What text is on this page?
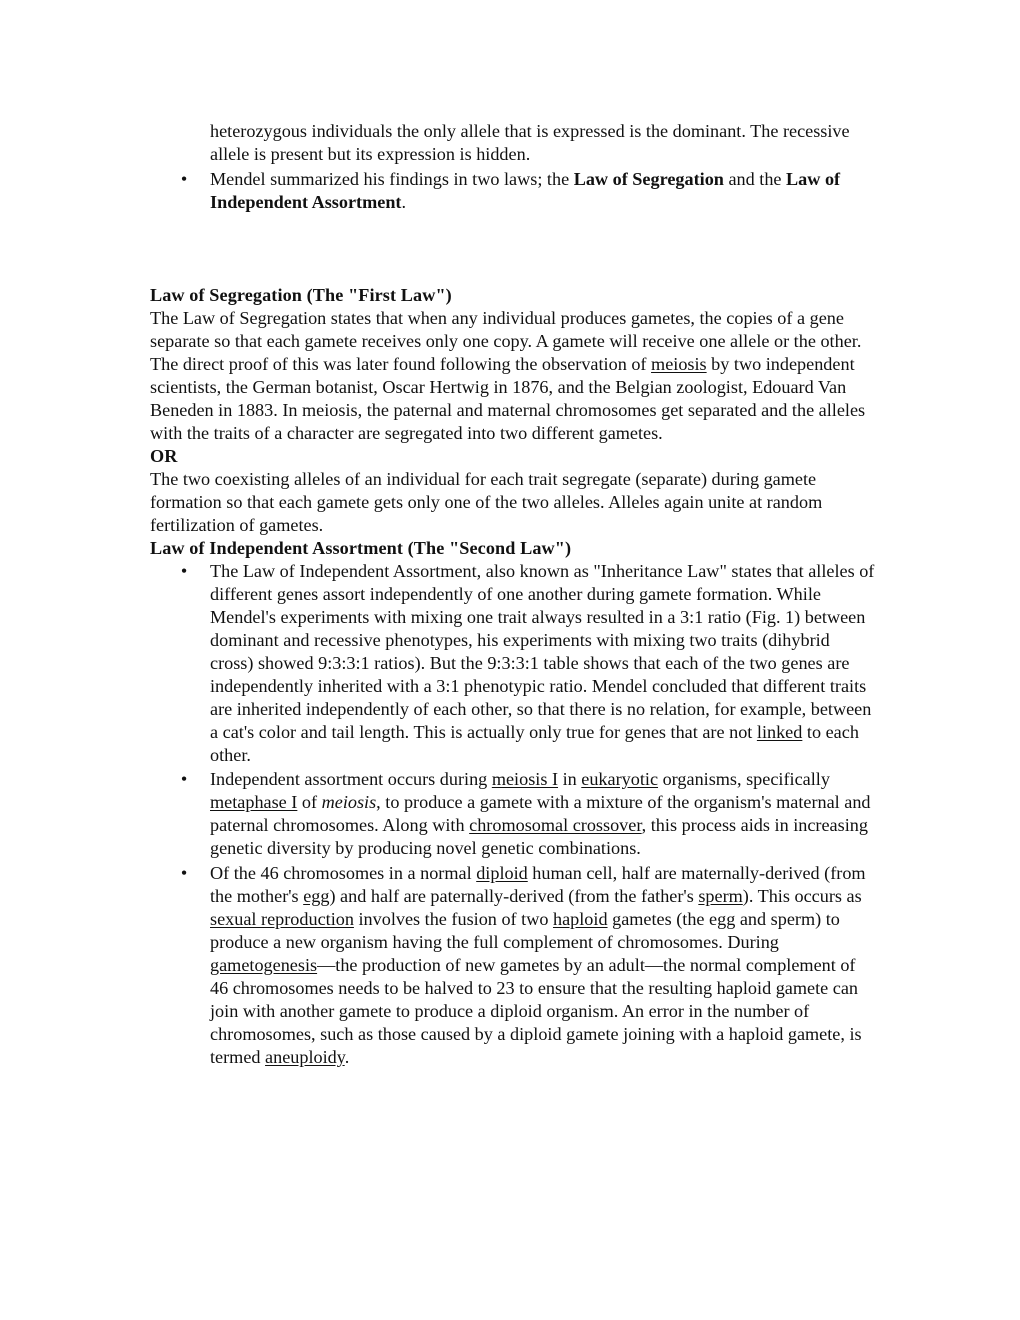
heterozygous individuals the only allele that is expressed is the dominant. The recessive allele is present but its expression is hidden.

• Mendel summarized his findings in two laws; the Law of Segregation and the Law of Independent Assortment.

Law of Segregation (The "First Law")

The Law of Segregation states that when any individual produces gametes, the copies of a gene separate so that each gamete receives only one copy. A gamete will receive one allele or the other. The direct proof of this was later found following the observation of meiosis by two independent scientists, the German botanist, Oscar Hertwig in 1876, and the Belgian zoologist, Edouard Van Beneden in 1883. In meiosis, the paternal and maternal chromosomes get separated and the alleles with the traits of a character are segregated into two different gametes.

OR

The two coexisting alleles of an individual for each trait segregate (separate) during gamete formation so that each gamete gets only one of the two alleles. Alleles again unite at random fertilization of gametes.

Law of Independent Assortment (The "Second Law")

• The Law of Independent Assortment, also known as "Inheritance Law" states that alleles of different genes assort independently of one another during gamete formation. While Mendel's experiments with mixing one trait always resulted in a 3:1 ratio (Fig. 1) between dominant and recessive phenotypes, his experiments with mixing two traits (dihybrid cross) showed 9:3:3:1 ratios). But the 9:3:3:1 table shows that each of the two genes are independently inherited with a 3:1 phenotypic ratio. Mendel concluded that different traits are inherited independently of each other, so that there is no relation, for example, between a cat's color and tail length. This is actually only true for genes that are not linked to each other.
• Independent assortment occurs during meiosis I in eukaryotic organisms, specifically metaphase I of meiosis, to produce a gamete with a mixture of the organism's maternal and paternal chromosomes. Along with chromosomal crossover, this process aids in increasing genetic diversity by producing novel genetic combinations.
• Of the 46 chromosomes in a normal diploid human cell, half are maternally-derived (from the mother's egg) and half are paternally-derived (from the father's sperm). This occurs as sexual reproduction involves the fusion of two haploid gametes (the egg and sperm) to produce a new organism having the full complement of chromosomes. During gametogenesis—the production of new gametes by an adult—the normal complement of 46 chromosomes needs to be halved to 23 to ensure that the resulting haploid gamete can join with another gamete to produce a diploid organism. An error in the number of chromosomes, such as those caused by a diploid gamete joining with a haploid gamete, is termed aneuploidy.
